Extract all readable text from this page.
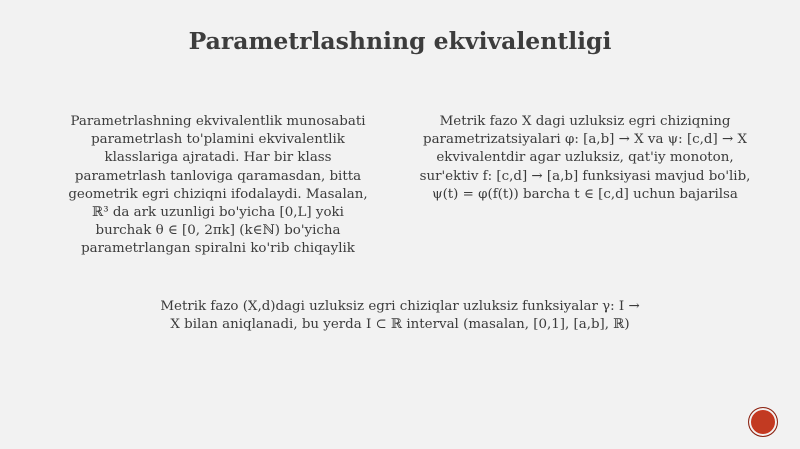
Parametrlashning ekvivalentligi

Parametrlashning ekvivalentlik munosabati
parametrlash to'plamini ekvivalentlik
klasslariga ajratadi. Har bir klass
parametrlash tanloviga qaramasdan, bitta
geometrik egri chiziqni ifodalaydi. Masalan,
ℝ³ da ark uzunligi bo'yicha [0,L] yoki
burchak θ ∈ [0, 2πk] (k∈ℕ) bo'yicha
parametrlangan spiralni ko'rib chiqaylik

Metrik fazo X dagi uzluksiz egri chiziqning
parametrizatsiyalari φ: [a,b] → X va ψ: [c,d] → X
ekvivalentdir agar uzluksiz, qat'iy monoton,
sur'ektiv f: [c,d] → [a,b] funksiyasi mavjud bo'lib,
ψ(t) = φ(f(t)) barcha t ∈ [c,d] uchun bajarilsa

Metrik fazo (X,d)dagi uzluksiz egri chiziqlar uzluksiz funksiyalar γ: I →
X bilan aniqlanadi, bu yerda I ⊂ ℝ interval (masalan, [0,1], [a,b], ℝ)
